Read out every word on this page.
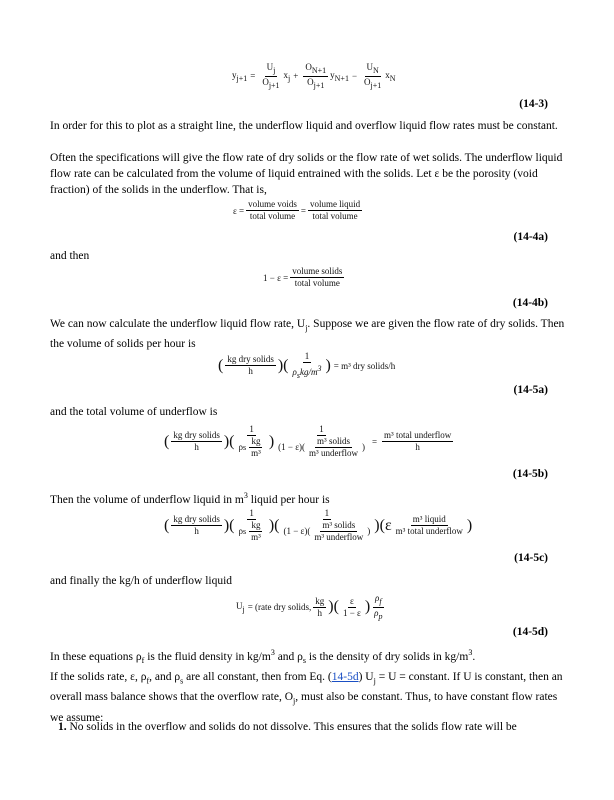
$y_{j+1} = \frac{U_j}{O_{j+1}} x_j + \frac{O_{N+1}}{O_{j+1}} y_{N+1} - \frac{U_N}{O_{j+1}} x_N$
(14-3)
In order for this to plot as a straight line, the underflow liquid and overflow liquid flow rates must be constant.
Often the specifications will give the flow rate of dry solids or the flow rate of wet solids. The underflow liquid flow rate can be calculated from the volume of liquid entrained with the solids. Let ε be the porosity (void fraction) of the solids in the underflow. That is,
$\varepsilon = \frac{\text{volume voids}}{\text{total volume}} = \frac{\text{volume liquid}}{\text{total volume}}$
(14-4a)
and then
$1 - \varepsilon = \frac{\text{volume solids}}{\text{total volume}}$
(14-4b)
We can now calculate the underflow liquid flow rate, $U_j$. Suppose we are given the flow rate of dry solids. Then the volume of solids per hour is
( $\frac{\text{kg dry solids}}{h}$ )( $\frac{1}{\rho_skg/m^3}$ ) = m³ dry solids/h
(14-5a)
and the total volume of underflow is
( $\frac{\text{kg dry solids}}{h}$ )( $\frac{1}{\rho s \frac{kg}{\text{m³}}}$ ) $\frac{1}{(1 - \varepsilon)( \frac{\text{m³ solids}}{\text{m³ underflow}} )} = \frac{\text{m³ total underflow}}{h}$
(14-5b)
Then the volume of underflow liquid in $m^3$ liquid per hour is
( $\frac{\text{kg dry solids}}{h}$ )( $\frac{1}{\rho s \frac{kg}{\text{m³}}}$ )( $\frac{1}{(1 - \varepsilon)( \frac{\text{m³ solids}}{\text{m³ underflow}} )} )(\varepsilon \frac{\text{m³ liquid}}{\text{m³ total underflow}}$ )
(14-5c)
and finally the kg/h of underflow liquid
$U_j$ = (rate dry solids, $\frac{kg}{h}$ )( $\frac{\varepsilon}{1 - \varepsilon}$ ) $\frac{\rho_f}{\rho_p}$
(14-5d)
In these equations $\rho_f$ is the fluid density in $kg/m^3$ and $\rho_s$ is the density of dry solids in $kg/m^3$.
If the solids rate, ε, $\rho_f$, and $\rho_s$ are all constant, then from Eq. (14-5d) $U_j = U$ = constant. If U is constant, then an overall mass balance shows that the overflow rate, $O_j$, must also be constant. Thus, to have constant flow rates we assume:
1. No solids in the overflow and solids do not dissolve. This ensures that the solids flow rate will be
